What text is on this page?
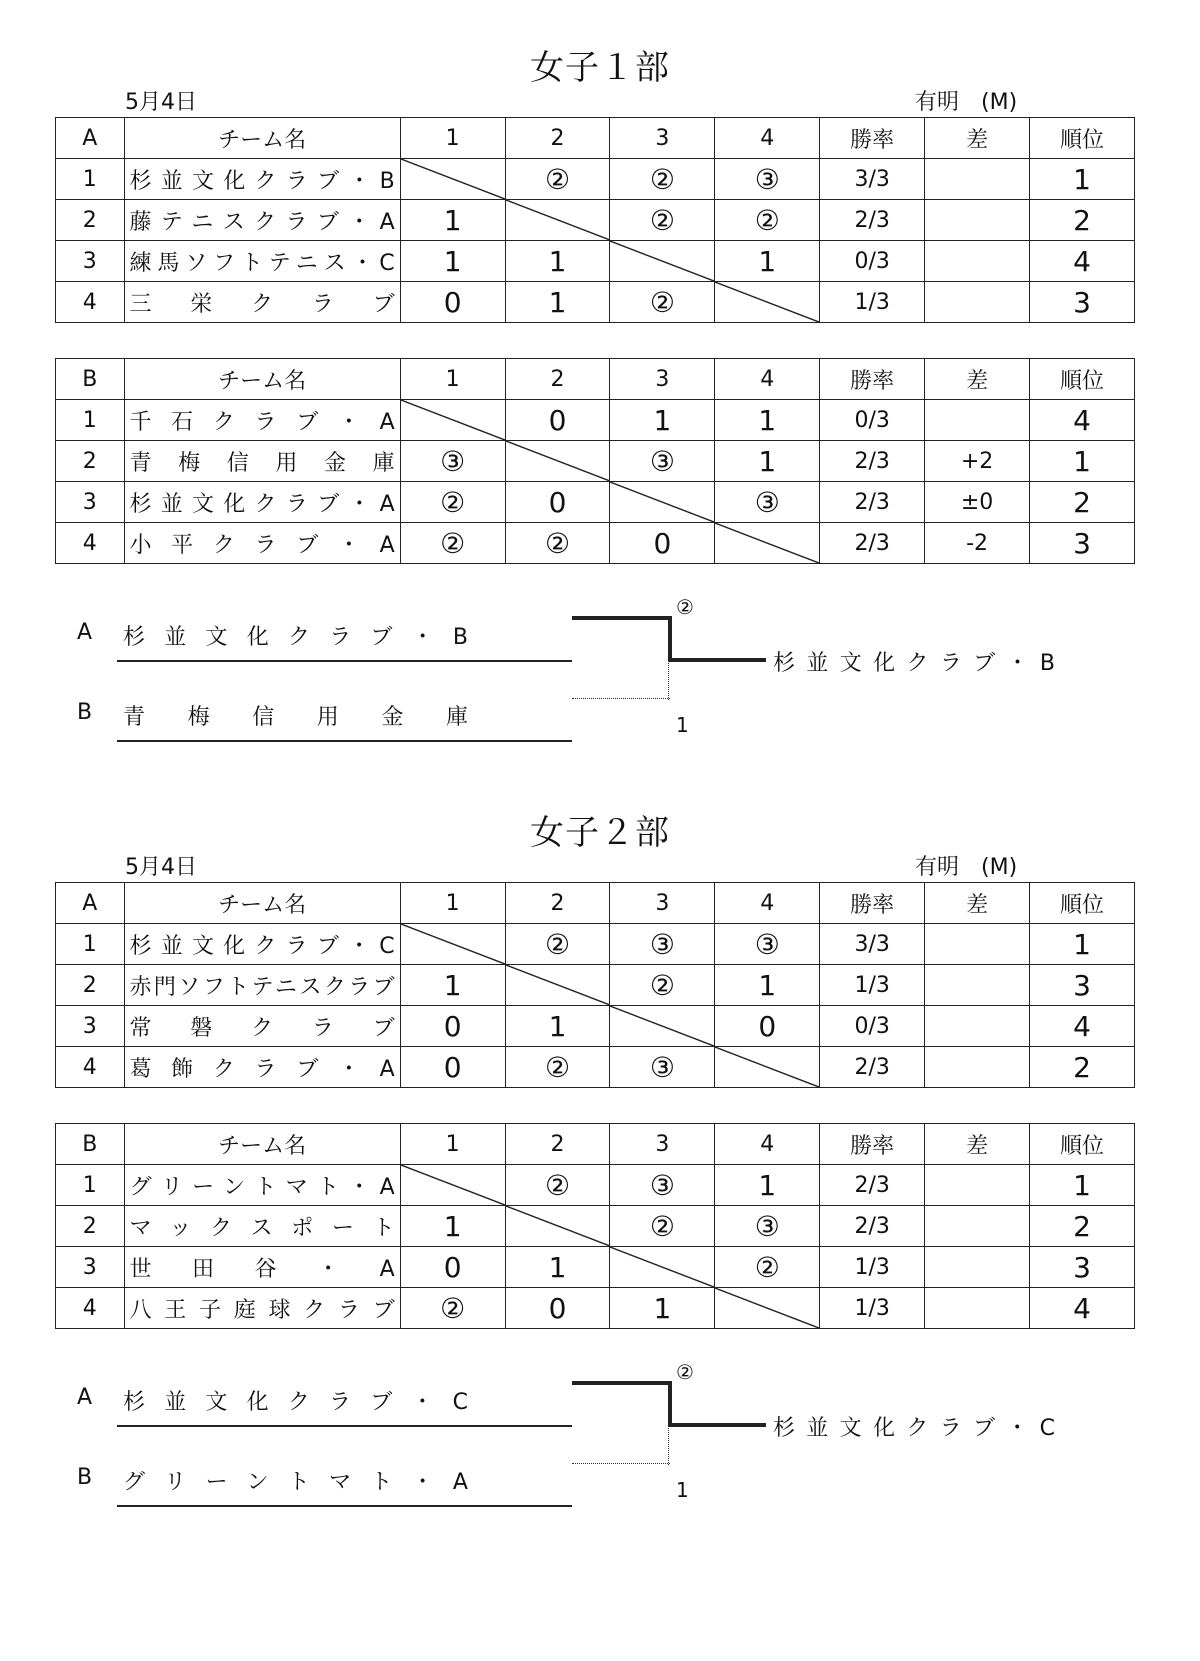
女子１部
5月4日	有明　(M)
A	チーム名	1	2	3	4	勝率	差	順位
1	杉並文化クラブ・B		②	②	③	3/3		1
2	藤テニスクラブ・A	1		②	②	2/3		2
3	練馬ソフトテニス・C	1	1		1	0/3		4
4	三栄クラブ	0	1	②		1/3		3
B	チーム名	1	2	3	4	勝率	差	順位
1	千石クラブ・A		0	1	1	0/3		4
2	青梅信用金庫	③		③	1	2/3	+2	1
3	杉並文化クラブ・A	②	0		③	2/3	±0	2
4	小平クラブ・A	②	②	0		2/3	-2	3
A 杉並文化クラブ・B
B 青梅信用金庫
②
1
杉並文化クラブ・B
女子２部
5月4日	有明　(M)
A	チーム名	1	2	3	4	勝率	差	順位
1	杉並文化クラブ・C		②	③	③	3/3		1
2	赤門ソフトテニスクラブ	1		②	1	1/3		3
3	常磐クラブ	0	1		0	0/3		4
4	葛飾クラブ・A	0	②	③		2/3		2
B	チーム名	1	2	3	4	勝率	差	順位
1	グリーントマト・A		②	③	1	2/3		1
2	マックスポート	1		②	③	2/3		2
3	世田谷・A	0	1		②	1/3		3
4	八王子庭球クラブ	②	0	1		1/3		4
A 杉並文化クラブ・C
B グリーントマト・A
②
1
杉並文化クラブ・C
